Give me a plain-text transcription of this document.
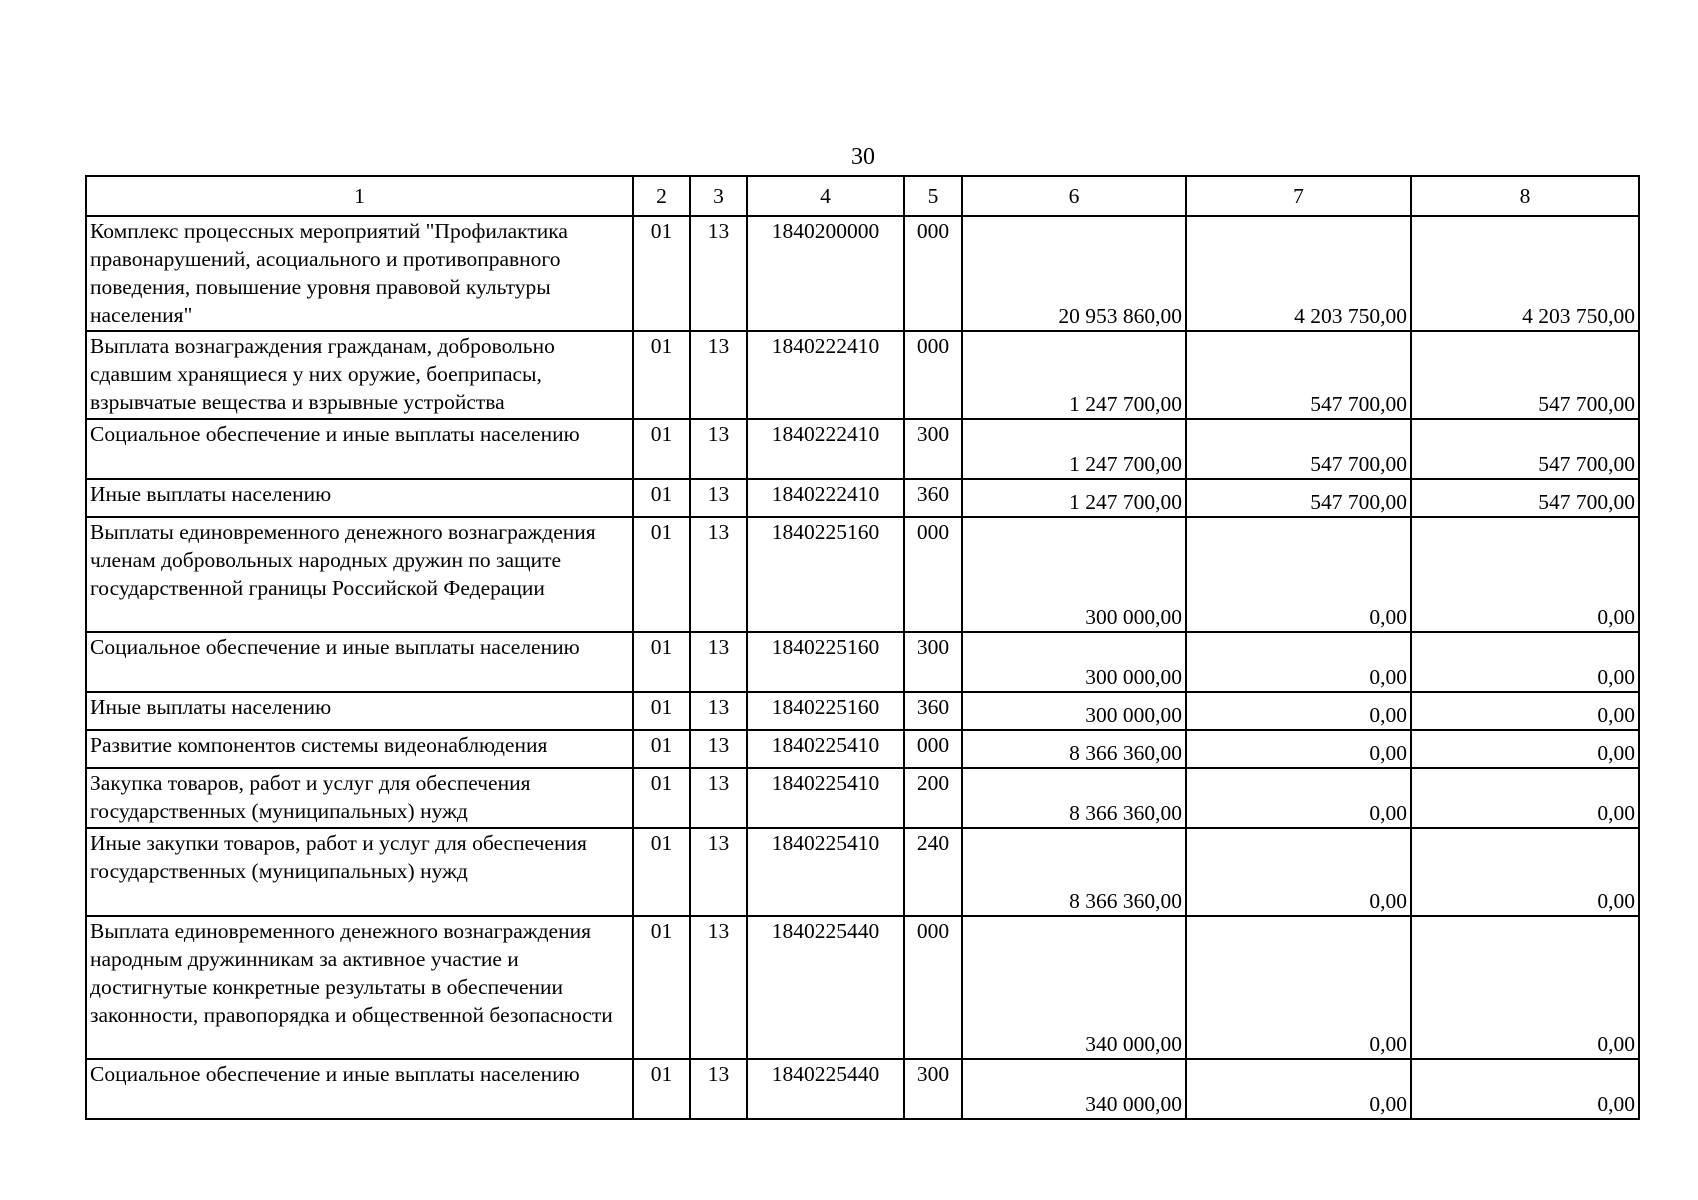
30
1	2	3	4	5	6	7	8
Комплекс процессных мероприятий "Профилактика правонарушений, асоциального и противоправного поведения, повышение уровня правовой культуры населения"	01	13	1840200000	000	20 953 860,00	4 203 750,00	4 203 750,00
Выплата вознаграждения гражданам, добровольно сдавшим хранящиеся у них оружие, боеприпасы, взрывчатые вещества и взрывные устройства	01	13	1840222410	000	1 247 700,00	547 700,00	547 700,00
Социальное обеспечение и иные выплаты населению	01	13	1840222410	300	1 247 700,00	547 700,00	547 700,00
Иные выплаты населению	01	13	1840222410	360	1 247 700,00	547 700,00	547 700,00
Выплаты единовременного денежного вознаграждения членам добровольных народных дружин по защите государственной границы Российской Федерации	01	13	1840225160	000	300 000,00	0,00	0,00
Социальное обеспечение и иные выплаты населению	01	13	1840225160	300	300 000,00	0,00	0,00
Иные выплаты населению	01	13	1840225160	360	300 000,00	0,00	0,00
Развитие компонентов системы видеонаблюдения	01	13	1840225410	000	8 366 360,00	0,00	0,00
Закупка товаров, работ и услуг для обеспечения государственных (муниципальных) нужд	01	13	1840225410	200	8 366 360,00	0,00	0,00
Иные закупки товаров, работ и услуг для обеспечения государственных (муниципальных) нужд	01	13	1840225410	240	8 366 360,00	0,00	0,00
Выплата единовременного денежного вознаграждения народным дружинникам за активное участие и достигнутые конкретные результаты в обеспечении законности, правопорядка и общественной безопасности	01	13	1840225440	000	340 000,00	0,00	0,00
Социальное обеспечение и иные выплаты населению	01	13	1840225440	300	340 000,00	0,00	0,00
